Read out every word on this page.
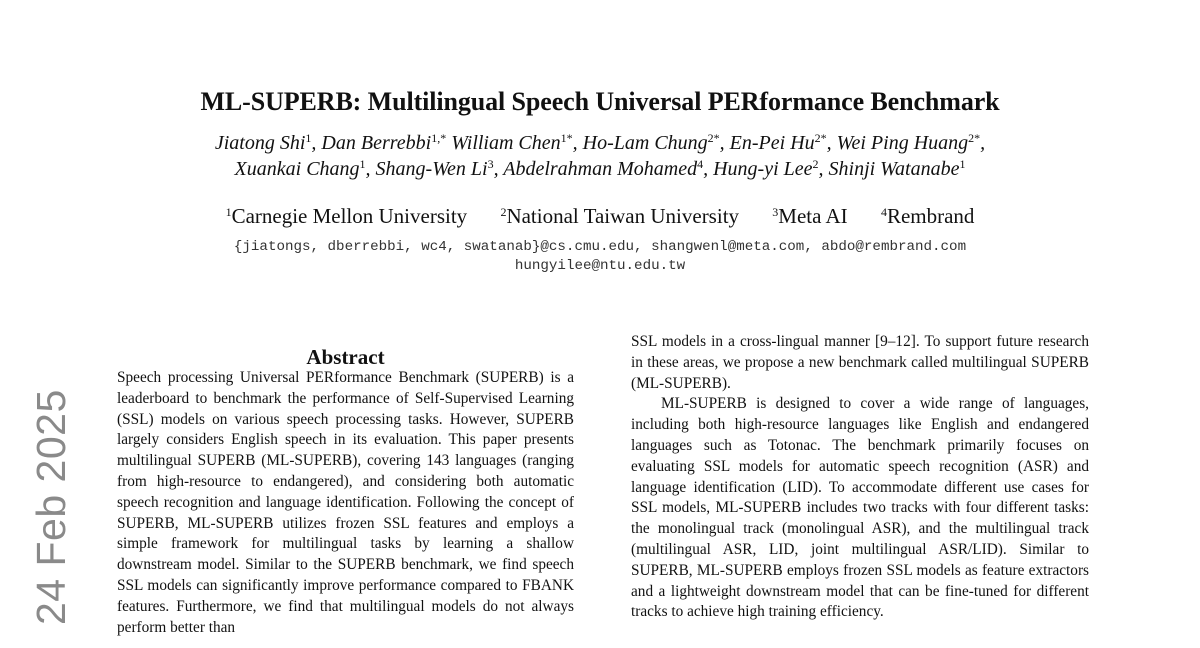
24 Feb 2025
ML-SUPERB: Multilingual Speech Universal PERformance Benchmark
Jiatong Shi$^1$, Dan Berrebbi$^{1,*}$ William Chen$^{1*}$, Ho-Lam Chung$^{2*}$, En-Pei $Hu^{2*}$, Wei Ping Huang$^{2*}$,
Xuankai Chang$^1$, Shang-Wen Li$^3$, Abdelrahman Mohamed$^4$, Hung-yi Lee$^2$, Shinji Watanabe$^1$
$^1$Carnegie Mellon University	$^2$National Taiwan University	$^3$Meta AI	$^4$Rembrand
{jiatongs, dberrebbi, wc4, swatanab}@cs.cmu.edu, shangwenl@meta.com, abdo@rembrand.com
hungyilee@ntu.edu.tw
Abstract

Speech processing Universal PERformance Benchmark (SUPERB) is a leaderboard to benchmark the performance of Self-Supervised Learning (SSL) models on various speech processing tasks. However, SUPERB largely considers English speech in its evaluation. This paper presents multilingual SUPERB (ML-SUPERB), covering 143 languages (ranging from high-resource to endangered), and considering both automatic speech recognition and language identification. Following the concept of SUPERB, ML-SUPERB utilizes frozen SSL features and employs a simple framework for multilingual tasks by learning a shallow downstream model. Similar to the SUPERB benchmark, we find speech SSL models can significantly improve performance compared to FBANK features. Furthermore, we find that multilingual models do not always perform better than

SSL models in a cross-lingual manner [9–12]. To support future research in these areas, we propose a new benchmark called multilingual SUPERB (ML-SUPERB).

ML-SUPERB is designed to cover a wide range of languages, including both high-resource languages like English and endangered languages such as Totonac. The benchmark primarily focuses on evaluating SSL models for automatic speech recognition (ASR) and language identification (LID). To accommodate different use cases for SSL models, ML-SUPERB includes two tracks with four different tasks: the monolingual track (monolingual ASR), and the multilingual track (multilingual ASR, LID, joint multilingual ASR/LID). Similar to SUPERB, ML-SUPERB employs frozen SSL models as feature extractors and a lightweight downstream model that can be fine-tuned for different tracks to achieve high training efficiency.
